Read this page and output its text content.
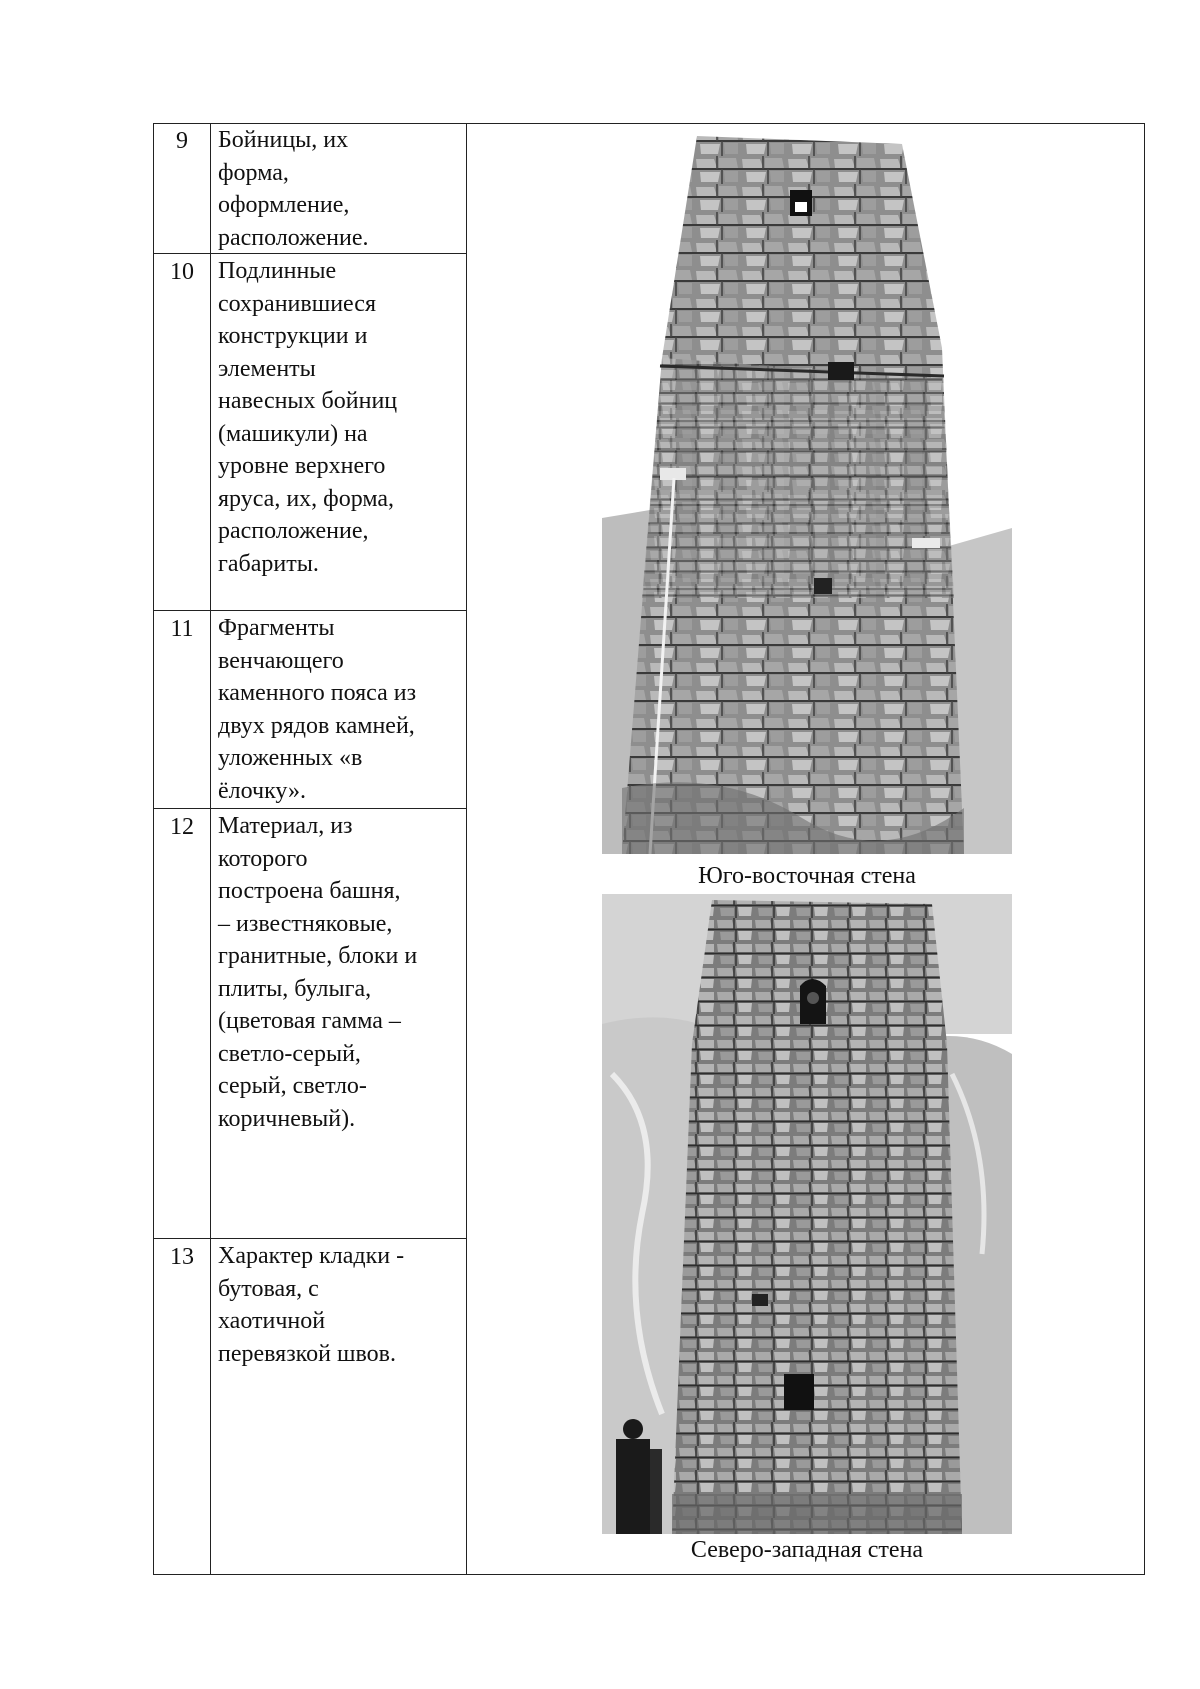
9	Бойницы, их
форма,
оформление,
расположение.
10	Подлинные
сохранившиеся
конструкции и
элементы
навесных бойниц
(машикули) на
уровне верхнего
яруса, их, форма,
расположение,
габариты.
11	Фрагменты
венчающего
каменного пояса из
двух рядов камней,
уложенных «в
ёлочку».
12	Материал, из
которого
построена башня,
– известняковые,
гранитные, блоки и
плиты, булыга,
(цветовая гамма –
светло-серый,
серый, светло-
коричневый).
13	Характер кладки -
бутовая, с
хаотичной
перевязкой швов.
Юго-восточная стена
Северо-западная стена
